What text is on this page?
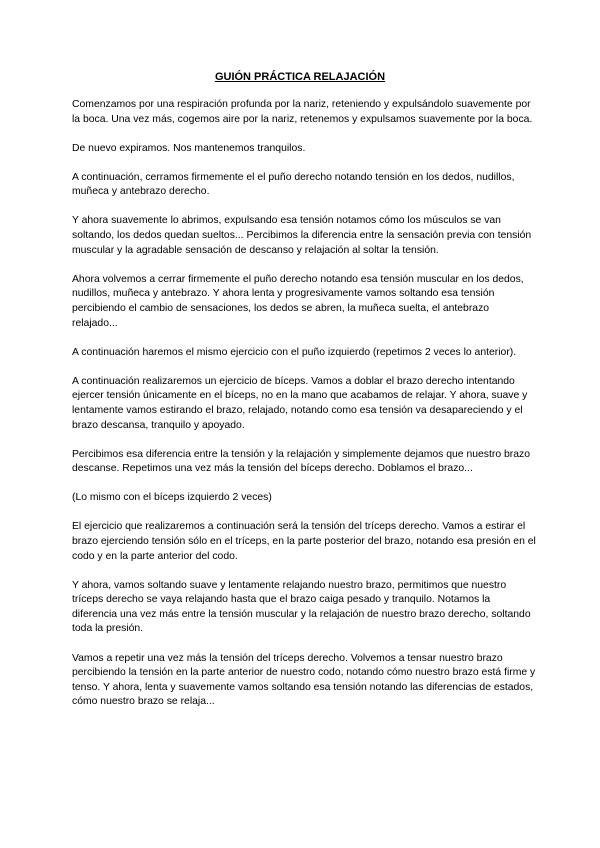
GUIÓN PRÁCTICA RELAJACIÓN

Comenzamos por una respiración profunda por la nariz, reteniendo y expulsándolo suavemente por la boca. Una vez más, cogemos aire por la nariz, retenemos y expulsamos suavemente por la boca.

De nuevo expiramos. Nos mantenemos tranquilos.

A continuación, cerramos firmemente el el puño derecho notando tensión en los dedos, nudillos, muñeca y antebrazo derecho.

Y ahora suavemente lo abrimos, expulsando esa tensión notamos cómo los músculos se van soltando, los dedos quedan sueltos... Percibimos la diferencia entre la sensación previa con tensión muscular y la agradable sensación de descanso y relajación al soltar la tensión.

Ahora volvemos a cerrar firmemente el puño derecho notando esa tensión muscular en los dedos, nudillos, muñeca y antebrazo. Y ahora lenta y progresivamente vamos soltando esa tensión percibiendo el cambio de sensaciones, los dedos se abren, la muñeca suelta, el antebrazo relajado...

A continuación haremos el mismo ejercicio con el puño izquierdo (repetimos 2 veces lo anterior).

A continuación realizaremos un ejercicio de bíceps. Vamos a doblar el brazo derecho intentando ejercer tensión únicamente en el bíceps, no en la mano que acabamos de relajar. Y ahora, suave y lentamente vamos estirando el brazo, relajado, notando como esa tensión va desapareciendo y el brazo descansa, tranquilo y apoyado.

Percibimos esa diferencia entre la tensión y la relajación y simplemente dejamos que nuestro brazo descanse. Repetimos una vez más la tensión del bíceps derecho. Doblamos el brazo...

(Lo mismo con el bíceps izquierdo 2 veces)

El ejercicio que realizaremos a continuación será la tensión del tríceps derecho. Vamos a estirar el brazo ejerciendo tensión sólo en el tríceps, en la parte posterior del brazo, notando esa presión en el codo y en la parte anterior del codo.

Y ahora, vamos soltando suave y lentamente relajando nuestro brazo, permitimos que nuestro tríceps derecho se vaya relajando hasta que el brazo caiga pesado y tranquilo. Notamos la diferencia una vez más entre la tensión muscular y la relajación de nuestro brazo derecho, soltando toda la presión.

Vamos a repetir una vez más la tensión del tríceps derecho. Volvemos a tensar nuestro brazo percibiendo la tensión en la parte anterior de nuestro codo, notando cómo nuestro brazo está firme y tenso. Y ahora, lenta y suavemente vamos soltando esa tensión notando las diferencias de estados, cómo nuestro brazo se relaja...
